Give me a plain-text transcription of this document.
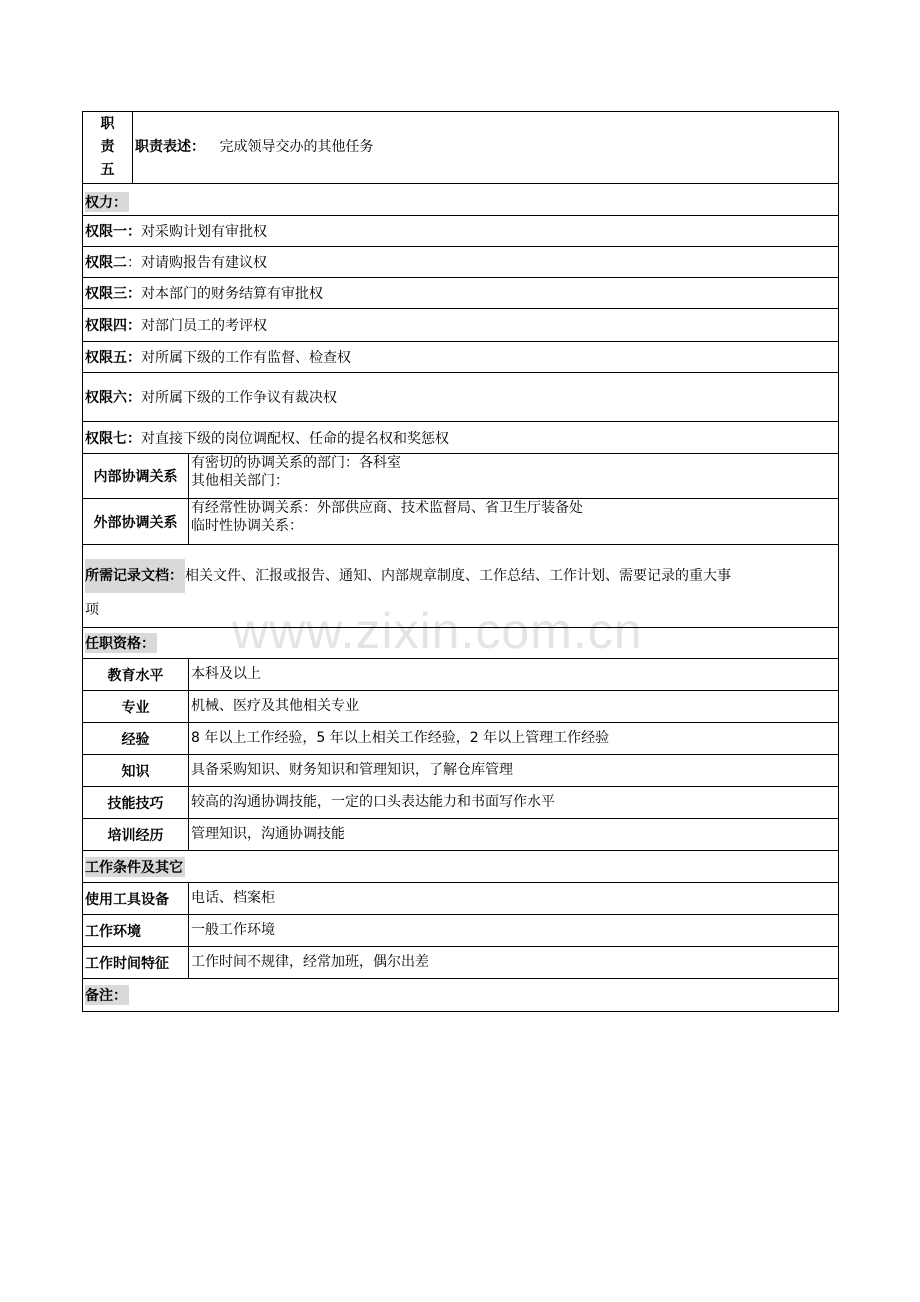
www.zixin.com.cn
职
责
五	职责表述： 完成领导交办的其他任务	
权力：		
权限一：对采购计划有审批权		
权限二：对请购报告有建议权		
权限三：对本部门的财务结算有审批权		
权限四：对部门员工的考评权		
权限五：对所属下级的工作有监督、检查权		
权限六：对所属下级的工作争议有裁决权		
权限七：对直接下级的岗位调配权、任命的提名权和奖惩权		
内部协调关系		有密切的协调关系的部门：各科室
其他相关部门：

外部协调关系		有经常性协调关系：外部供应商、技术监督局、省卫生厅装备处
临时性协调关系：

所需记录文档： 相关文件、汇报或报告、通知、内部规章制度、工作总结、工作计划、需要记录的重大事
项		
任职资格：		
教育水平		本科及以上
专业		机械、医疗及其他相关专业
经验		8 年以上工作经验，5 年以上相关工作经验，2 年以上管理工作经验
知识		具备采购知识、财务知识和管理知识，了解仓库管理
技能技巧		较高的沟通协调技能，一定的口头表达能力和书面写作水平
培训经历		管理知识，沟通协调技能
工作条件及其它		
使用工具设备		电话、档案柜
工作环境		一般工作环境
工作时间特征		工作时间不规律，经常加班，偶尔出差
备注：		
